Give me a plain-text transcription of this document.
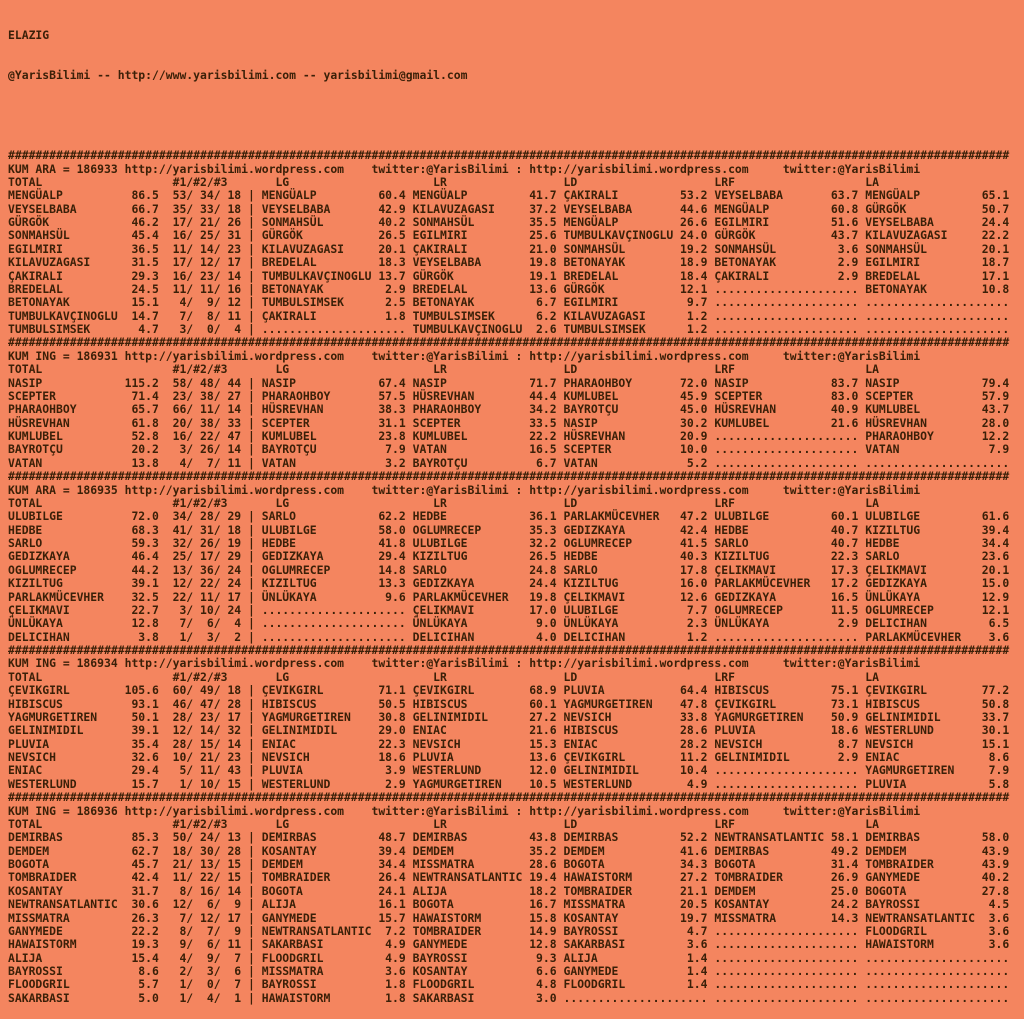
ELAZIG

@YarisBilimi -- http://www.yarisbilimi.com -- yarisbilimi@gmail.com

##################################################################################################################################################
KUM ARA = 186933 http://yarisbilimi.wordpress.com    twitter:@YarisBilimi : http://yarisbilimi.wordpress.com     twitter:@YarisBilimi
TOTAL                   #1/#2/#3       LG                     LR                 LD                    LRF                   LA
MENGÜALP          86.5  53/ 34/ 18 | MENGÜALP         60.4 MENGÜALP         41.7 ÇAKIRALI         53.2 VEYSELBABA       63.7 MENGÜALP         65.1
VEYSELBABA        66.7  35/ 33/ 18 | VEYSELBABA       42.9 KILAVUZAGASI     37.2 VEYSELBABA       44.6 MENGÜALP         60.8 GÜRGÖK           50.7
GÜRGÖK            46.2  17/ 21/ 26 | SONMAHSÜL        40.2 SONMAHSÜL        35.5 MENGÜALP         26.6 EGILMIRI         51.6 VEYSELBABA       24.4
SONMAHSÜL         45.4  16/ 25/ 31 | GÜRGÖK           26.5 EGILMIRI         25.6 TUMBULKAVÇINOGLU 24.0 GÜRGÖK           43.7 KILAVUZAGASI     22.2
EGILMIRI          36.5  11/ 14/ 23 | KILAVUZAGASI     20.1 ÇAKIRALI         21.0 SONMAHSÜL        19.2 SONMAHSÜL         3.6 SONMAHSÜL        20.1
KILAVUZAGASI      31.5  17/ 12/ 17 | BREDELAL         18.3 VEYSELBABA       19.8 BETONAYAK        18.9 BETONAYAK         2.9 EGILMIRI         18.7
ÇAKIRALI          29.3  16/ 23/ 14 | TUMBULKAVÇINOGLU 13.7 GÜRGÖK           19.1 BREDELAL         18.4 ÇAKIRALI          2.9 BREDELAL         17.1
BREDELAL          24.5  11/ 11/ 16 | BETONAYAK         2.9 BREDELAL         13.6 GÜRGÖK           12.1 ..................... BETONAYAK        10.8
BETONAYAK         15.1   4/  9/ 12 | TUMBULSIMSEK      2.5 BETONAYAK         6.7 EGILMIRI          9.7 ..................... .....................
TUMBULKAVÇINOGLU  14.7   7/  8/ 11 | ÇAKIRALI          1.8 TUMBULSIMSEK      6.2 KILAVUZAGASI      1.2 ..................... .....................
TUMBULSIMSEK       4.7   3/  0/  4 | ..................... TUMBULKAVÇINOGLU  2.6 TUMBULSIMSEK      1.2 ..................... .....................
##################################################################################################################################################
KUM ING = 186931 http://yarisbilimi.wordpress.com    twitter:@YarisBilimi : http://yarisbilimi.wordpress.com     twitter:@YarisBilimi
TOTAL                   #1/#2/#3       LG                     LR                 LD                    LRF                   LA
NASIP            115.2  58/ 48/ 44 | NASIP            67.4 NASIP            71.7 PHARAOHBOY       72.0 NASIP            83.7 NASIP            79.4
SCEPTER           71.4  23/ 38/ 27 | PHARAOHBOY       57.5 HÜSREVHAN        44.4 KUMLUBEL         45.9 SCEPTER          83.0 SCEPTER          57.9
PHARAOHBOY        65.7  66/ 11/ 14 | HÜSREVHAN        38.3 PHARAOHBOY       34.2 BAYROTÇU         45.0 HÜSREVHAN        40.9 KUMLUBEL         43.7
HÜSREVHAN         61.8  20/ 38/ 33 | SCEPTER          31.1 SCEPTER          33.5 NASIP            30.2 KUMLUBEL         21.6 HÜSREVHAN        28.0
KUMLUBEL          52.8  16/ 22/ 47 | KUMLUBEL         23.8 KUMLUBEL         22.2 HÜSREVHAN        20.9 ..................... PHARAOHBOY       12.2
BAYROTÇU          20.2   3/ 26/ 14 | BAYROTÇU          7.9 VATAN            16.5 SCEPTER          10.0 ..................... VATAN             7.9
VATAN             13.8   4/  7/ 11 | VATAN             3.2 BAYROTÇU          6.7 VATAN             5.2 ..................... .....................
##################################################################################################################################################
KUM ARA = 186935 http://yarisbilimi.wordpress.com    twitter:@YarisBilimi : http://yarisbilimi.wordpress.com     twitter:@YarisBilimi
TOTAL                   #1/#2/#3       LG                     LR                 LD                    LRF                   LA
ULUBILGE          72.0  34/ 28/ 29 | SARLO            62.2 HEDBE            36.1 PARLAKMÜCEVHER   47.2 ULUBILGE         60.1 ULUBILGE         61.6
HEDBE             68.3  41/ 31/ 18 | ULUBILGE         58.0 OGLUMRECEP       35.3 GEDIZKAYA        42.4 HEDBE            40.7 KIZILTUG         39.4
SARLO             59.3  32/ 26/ 19 | HEDBE            41.8 ULUBILGE         32.2 OGLUMRECEP       41.5 SARLO            40.7 HEDBE            34.4
GEDIZKAYA         46.4  25/ 17/ 29 | GEDIZKAYA        29.4 KIZILTUG         26.5 HEDBE            40.3 KIZILTUG         22.3 SARLO            23.6
OGLUMRECEP        44.2  13/ 36/ 24 | OGLUMRECEP       14.8 SARLO            24.8 SARLO            17.8 ÇELIKMAVI        17.3 ÇELIKMAVI        20.1
KIZILTUG          39.1  12/ 22/ 24 | KIZILTUG         13.3 GEDIZKAYA        24.4 KIZILTUG         16.0 PARLAKMÜCEVHER   17.2 GEDIZKAYA        15.0
PARLAKMÜCEVHER    32.5  22/ 11/ 17 | ÜNLÜKAYA          9.6 PARLAKMÜCEVHER   19.8 ÇELIKMAVI        12.6 GEDIZKAYA        16.5 ÜNLÜKAYA         12.9
ÇELIKMAVI         22.7   3/ 10/ 24 | ..................... ÇELIKMAVI        17.0 ULUBILGE          7.7 OGLUMRECEP       11.5 OGLUMRECEP       12.1
ÜNLÜKAYA          12.8   7/  6/  4 | ..................... ÜNLÜKAYA          9.0 ÜNLÜKAYA          2.3 ÜNLÜKAYA          2.9 DELICIHAN         6.5
DELICIHAN          3.8   1/  3/  2 | ..................... DELICIHAN         4.0 DELICIHAN         1.2 ..................... PARLAKMÜCEVHER    3.6
##################################################################################################################################################
KUM ING = 186934 http://yarisbilimi.wordpress.com    twitter:@YarisBilimi : http://yarisbilimi.wordpress.com     twitter:@YarisBilimi
TOTAL                   #1/#2/#3       LG                     LR                 LD                    LRF                   LA
ÇEVIKGIRL        105.6  60/ 49/ 18 | ÇEVIKGIRL        71.1 ÇEVIKGIRL        68.9 PLUVIA           64.4 HIBISCUS         75.1 ÇEVIKGIRL        77.2
HIBISCUS          93.1  46/ 47/ 28 | HIBISCUS         50.5 HIBISCUS         60.1 YAGMURGETIREN    47.8 ÇEVIKGIRL        73.1 HIBISCUS         50.8
YAGMURGETIREN     50.1  28/ 23/ 17 | YAGMURGETIREN    30.8 GELINIMIDIL      27.2 NEVSICH          33.8 YAGMURGETIREN    50.9 GELINIMIDIL      33.7
GELINIMIDIL       39.1  12/ 14/ 32 | GELINIMIDIL      29.0 ENIAC            21.6 HIBISCUS         28.6 PLUVIA           18.6 WESTERLUND       30.1
PLUVIA            35.4  28/ 15/ 14 | ENIAC            22.3 NEVSICH          15.3 ENIAC            28.2 NEVSICH           8.7 NEVSICH          15.1
NEVSICH           32.6  10/ 21/ 23 | NEVSICH          18.6 PLUVIA           13.6 ÇEVIKGIRL        11.2 GELINIMIDIL       2.9 ENIAC             8.6
ENIAC             29.4   5/ 11/ 43 | PLUVIA            3.9 WESTERLUND       12.0 GELINIMIDIL      10.4 ..................... YAGMURGETIREN     7.9
WESTERLUND        15.7   1/ 10/ 15 | WESTERLUND        2.9 YAGMURGETIREN    10.5 WESTERLUND        4.9 ..................... PLUVIA            5.8
##################################################################################################################################################
KUM ING = 186936 http://yarisbilimi.wordpress.com    twitter:@YarisBilimi : http://yarisbilimi.wordpress.com     twitter:@YarisBilimi
TOTAL                   #1/#2/#3       LG                     LR                 LD                    LRF                   LA
DEMIRBAS          85.3  50/ 24/ 13 | DEMIRBAS         48.7 DEMIRBAS         43.8 DEMIRBAS         52.2 NEWTRANSATLANTIC 58.1 DEMIRBAS         58.0
DEMDEM            62.7  18/ 30/ 28 | KOSANTAY         39.4 DEMDEM           35.2 DEMDEM           41.6 DEMIRBAS         49.2 DEMDEM           43.9
BOGOTA            45.7  21/ 13/ 15 | DEMDEM           34.4 MISSMATRA        28.6 BOGOTA           34.3 BOGOTA           31.4 TOMBRAIDER       43.9
TOMBRAIDER        42.4  11/ 22/ 15 | TOMBRAIDER       26.4 NEWTRANSATLANTIC 19.4 HAWAISTORM       27.2 TOMBRAIDER       26.9 GANYMEDE         40.2
KOSANTAY          31.7   8/ 16/ 14 | BOGOTA           24.1 ALIJA            18.2 TOMBRAIDER       21.1 DEMDEM           25.0 BOGOTA           27.8
NEWTRANSATLANTIC  30.6  12/  6/  9 | ALIJA            16.1 BOGOTA           16.7 MISSMATRA        20.5 KOSANTAY         24.2 BAYROSSI          4.5
MISSMATRA         26.3   7/ 12/ 17 | GANYMEDE         15.7 HAWAISTORM       15.8 KOSANTAY         19.7 MISSMATRA        14.3 NEWTRANSATLANTIC  3.6
GANYMEDE          22.2   8/  7/  9 | NEWTRANSATLANTIC  7.2 TOMBRAIDER       14.9 BAYROSSI          4.7 ..................... FLOODGRIL         3.6
HAWAISTORM        19.3   9/  6/ 11 | SAKARBASI         4.9 GANYMEDE         12.8 SAKARBASI         3.6 ..................... HAWAISTORM        3.6
ALIJA             15.4   4/  9/  7 | FLOODGRIL         4.9 BAYROSSI          9.3 ALIJA             1.4 ..................... .....................
BAYROSSI           8.6   2/  3/  6 | MISSMATRA         3.6 KOSANTAY          6.6 GANYMEDE          1.4 ..................... .....................
FLOODGRIL          5.7   1/  0/  7 | BAYROSSI          1.8 FLOODGRIL         4.8 FLOODGRIL         1.4 ..................... .....................
SAKARBASI          5.0   1/  4/  1 | HAWAISTORM        1.8 SAKARBASI         3.0 ..................... ..................... .....................
